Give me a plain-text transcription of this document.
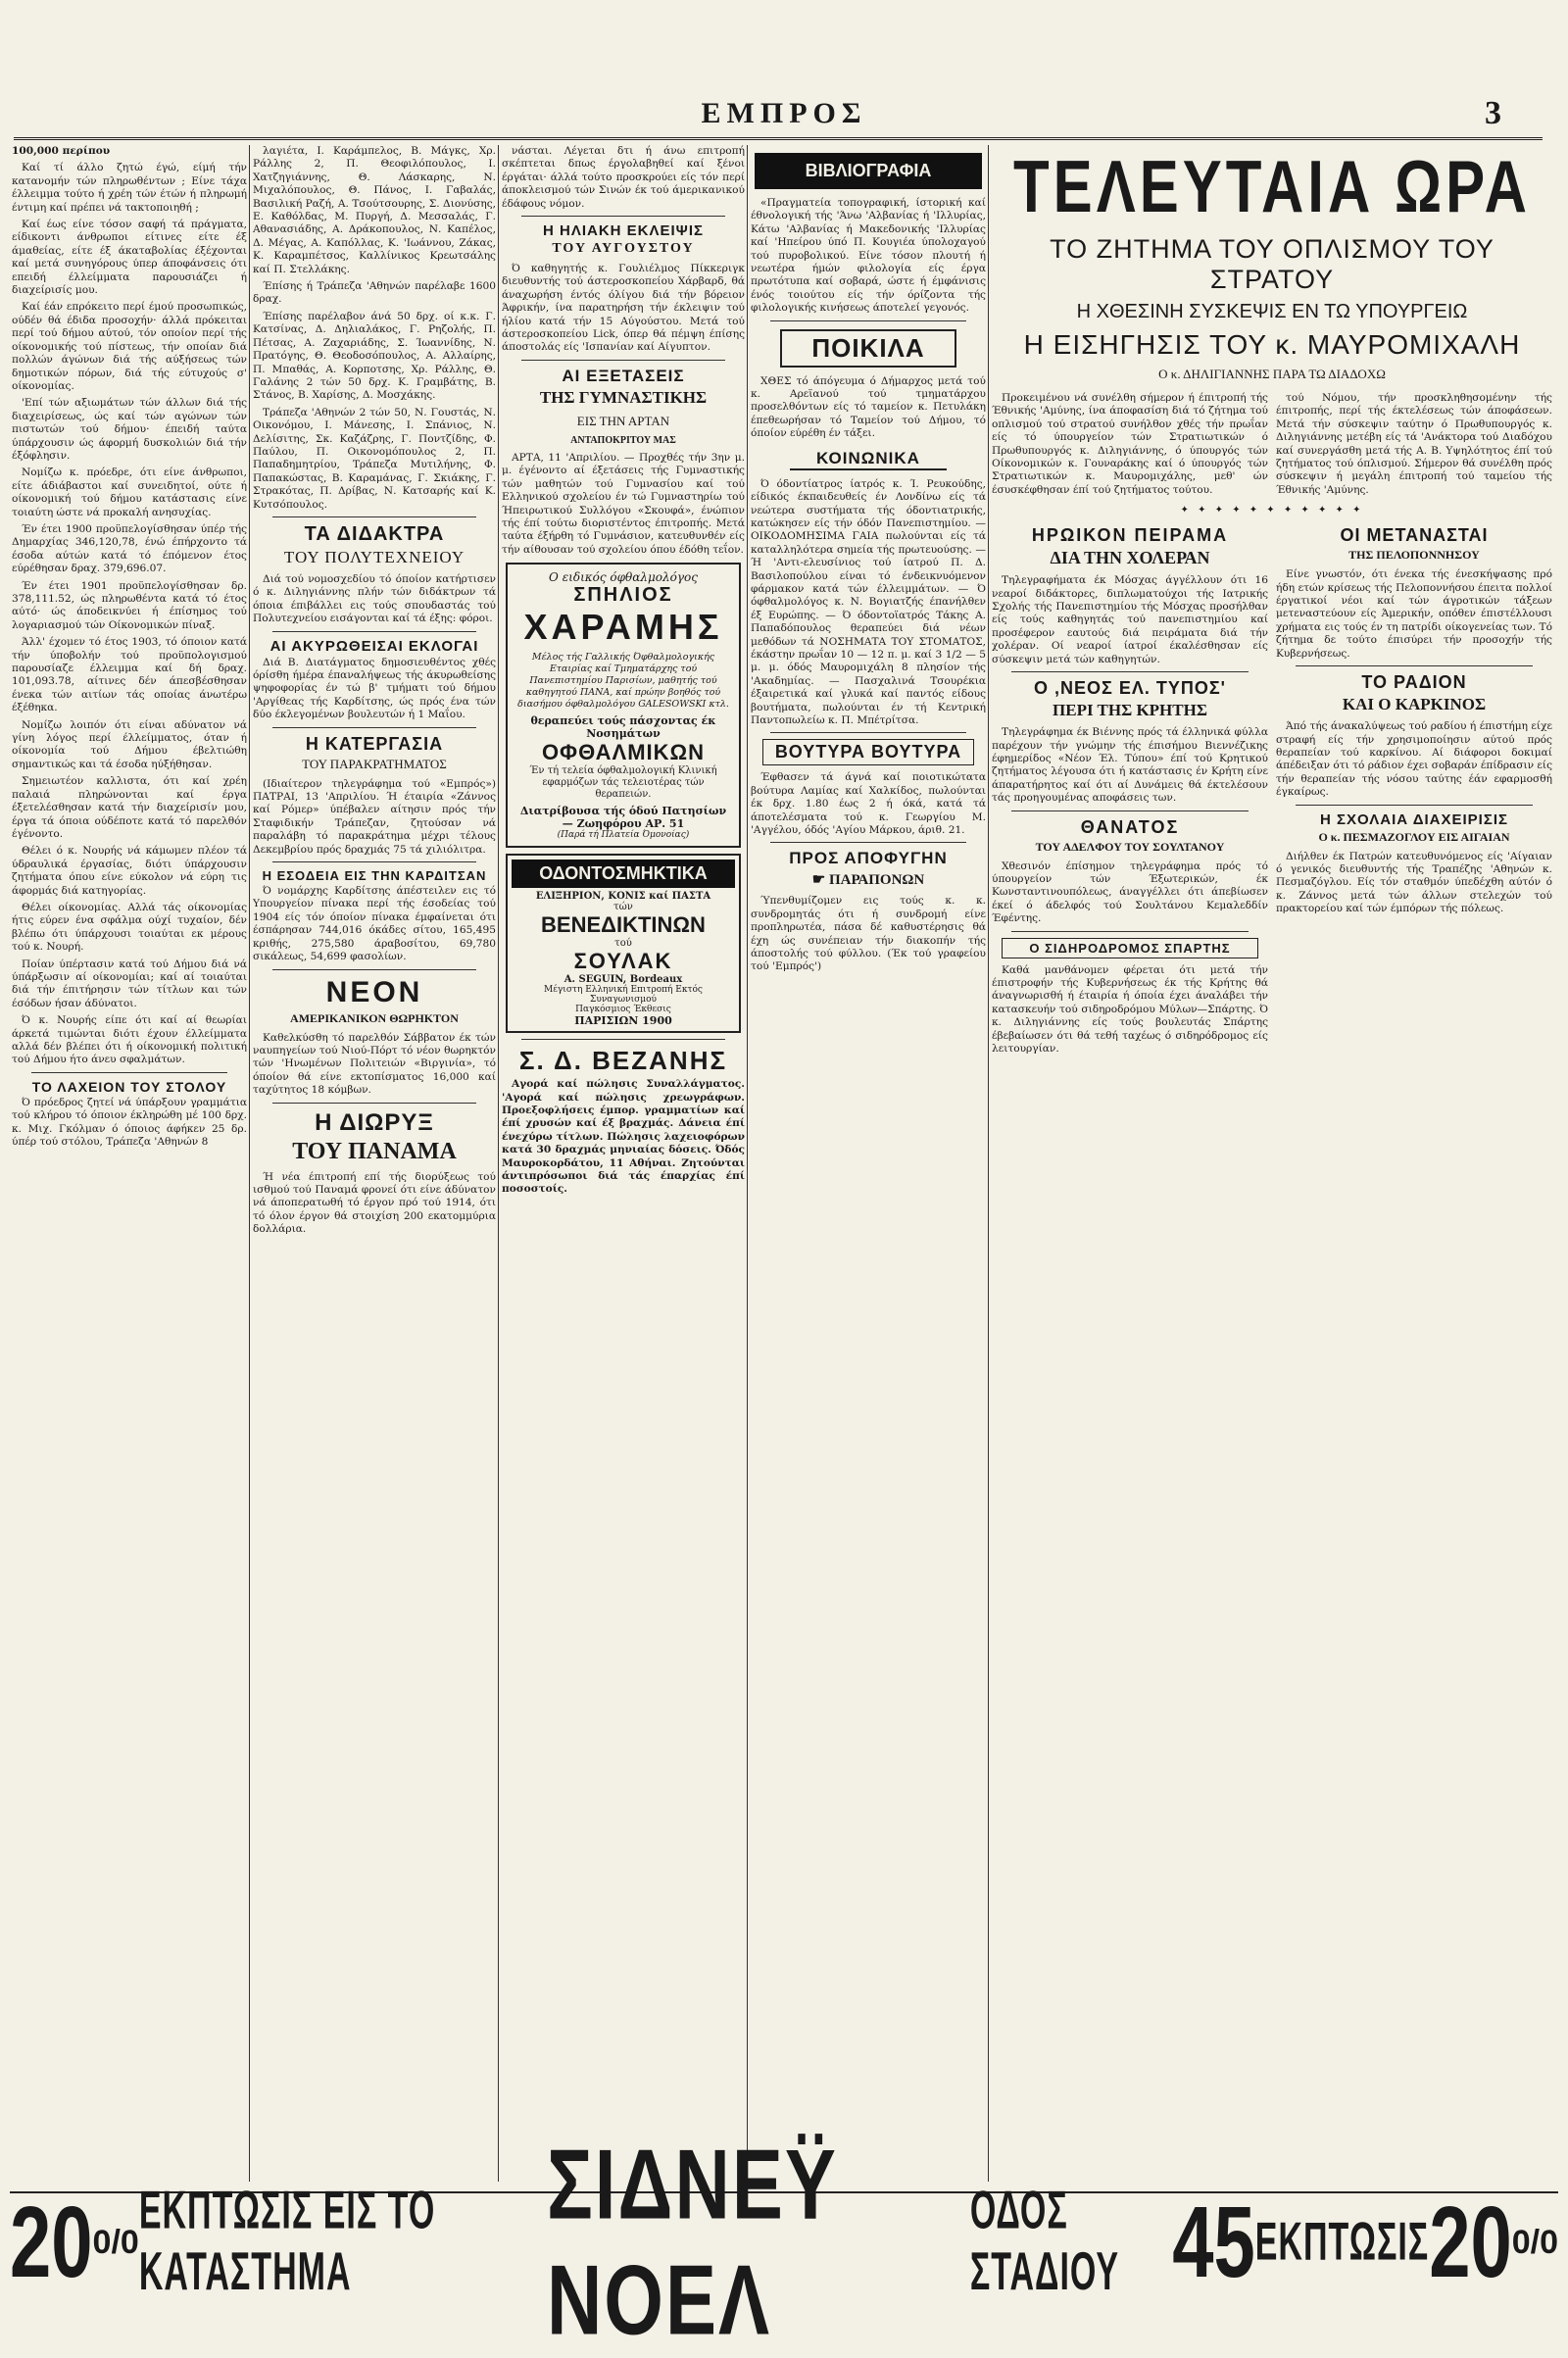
ΕΜΠΡΟΣ	3

100,000 περίπου

Καί τί άλλο ζητώ έγώ, είμή τήν κατανομήν τών πληρωθέντων ; Είνε τάχα έλλειμμα τούτο ή χρέη τών έτών ή πληρωμή έντιμη καί πρέπει νά τακτοποιηθή ;

Καί έως είνε τόσον σαφή τά πράγματα, είδικοντι άνθρωποι είτινες είτε έξ άμαθείας, είτε έξ άκαταβολίας έξέχονται καί μετά συνηγόρους ύπερ άποφάνσεις ότι επειδή έλλείμματα παρουσιάζει ή διαχείρισίς μου.

Καί έάν επρόκειτο περί έμού προσωπικώς, ούδέν θά έδιδα προσοχήν· άλλά πρόκειται περί τού δήμου αύτού, τόν οποίον περί τής οίκονομικής τού πίστεως, τήν οποίαν διά πολλών άγώνων διά τής αύξήσεως τών δημοτικών πόρων, διά τής εύτυχούς σ' οίκονομίας.

'Επί τών αξιωμάτων τών άλλων διά τής διαχειρίσεως, ώς καί τών αγώνων τών πιστωτών τού δήμου· έπειδή ταύτα ύπάρχουσιν ώς άφορμή δυσκολιών διά τήν έξόφλησιν.

Νομίζω κ. πρόεδρε, ότι είνε άνθρωποι, είτε άδιάβαστοι καί συνειδητοί, ούτε ή οίκονομική τού δήμου κατάστασις είνε τοιαύτη ώστε νά προκαλή ανησυχίας.

Έν έτει 1900 προϋπελογίσθησαν ύπέρ τής Δημαρχίας 346,120,78, ένώ έπήρχοντο τά έσοδα αύτών κατά τό έπόμενον έτος εύρέθησαν δραχ. 379,696.07.

Έν έτει 1901 προϋπελογίσθησαν δρ. 378,111.52, ώς πληρωθέντα κατά τό έτος αύτό· ώς άποδεικνύει ή έπίσημος τού λογαριασμού τών Οίκονομικών πίναξ.

Άλλ' έχομεν τό έτος 1903, τό όποιον κατά τήν ύποβολήν τού προϋπολογισμού παρουσίαζε έλλειμμα καί δή δραχ. 101,093.78, αίτινες δέν άπεσβέσθησαν ένεκα τών αιτίων τάς οποίας άνωτέρω έξέθηκα.

Νομίζω λοιπόν ότι είναι αδύνατον νά γίνη λόγος περί έλλείμματος, όταν ή οίκονομία τού Δήμου έβελτιώθη σημαντικώς και τά έσοδα ηύξήθησαν.

Σημειωτέον καλλιστα, ότι καί χρέη παλαιά πληρώνονται καί έργα έξετελέσθησαν κατά τήν διαχείρισίν μου, έργα τά όποια ούδέποτε κατά τό παρελθόν έγένοντο.

Θέλει ό κ. Νουρής νά κάμωμεν πλέον τά ύδραυλικά έργασίας, διότι ύπάρχουσιν ζητήματα όπου είνε εύκολον νά εύρη τις άφορμάς διά κατηγορίας.

Θέλει οίκονομίας. Αλλά τάς οίκονομίας ήτις εύρεν ένα σφάλμα ούχί τυχαίον, δέν βλέπω ότι ύπάρχουσι τοιαύται εκ μέρους τού κ. Νουρή.

Ποίαν ύπέρτασιν κατά τού Δήμου διά νά ύπάρξωσιν αί οίκονομίαι; καί αί τοιαύται διά τήν έπιτήρησιν τών τίτλων και τών έσόδων ήσαν άδύνατοι.

Ό κ. Νουρής είπε ότι καί αί θεωρίαι άρκετά τιμώνται διότι έχουν έλλείμματα αλλά δέν βλέπει ότι ή οίκονομική πολιτική τού Δήμου ήτο άνευ σφαλμάτων.

ΤΟ ΛΑΧΕΙΟΝ ΤΟΥ ΣΤΟΛΟΥ

Ό πρόεδρος ζητεί νά ύπάρξουν γραμμάτια τού κλήρου τό όποιον έκληρώθη μέ 100 δρχ. κ. Μιχ. Γκόλμαν ό όποιος άφήκεν 25 δρ. ύπέρ τού στόλου, Τράπεζα 'Αθηνών 8

λαγιέτα, Ι. Καράμπελος, Β. Μάγκς, Χρ. Ράλλης 2, Π. Θεοφιλόπουλος, Ι. Χατζηγιάννης, Θ. Λάσκαρης, Ν. Μιχαλόπουλος, Θ. Πάνος, Ι. Γαβαλάς, Βασιλική Ραζή, Α. Τσούτσουρης, Σ. Διονύσης, Ε. Καθόλδας, Μ. Πυργή, Δ. Μεσσαλάς, Γ. Αθανασιάδης, Α. Δράκοπουλος, Ν. Καπέλος, Δ. Μέγας, Α. Καπόλλας, Κ. 'Ιωάννου, Ζάκας, Κ. Καραμπέτσος, Καλλίνικος Κρεωτσάλης καί Π. Στελλάκης.

Έπίσης ή Τράπεζα 'Αθηνών παρέλαβε 1600 δραχ.

Έπίσης παρέλαβον άνά 50 δρχ. οί κ.κ. Γ. Κατσίνας, Δ. Δηλιαλάκος, Γ. Ρηζολής, Π. Πέτσας, Α. Ζαχαριάδης, Σ. Ίωαννίδης, Ν. Πρατόγης, Θ. Θεοδοσόπουλος, Α. Αλλαίρης, Π. Μπαθάς, Α. Κορποτσης, Χρ. Ράλλης, Θ. Γαλάνης 2 τών 50 δρχ. Κ. Γραμβάτης, Β. Στάνος, Β. Χαρίσης, Δ. Μοσχάκης.

Τράπεζα 'Αθηνών 2 τών 50, Ν. Γουστάς, Ν. Οικονόμου, Ι. Μάνεσης, Ι. Σπάνιος, Ν. Δελίσιτης, Σκ. Καζάζρης, Γ. Ποντζίδης, Φ. Παύλου, Π. Οικονομόπουλος 2, Π. Παπαδημητρίου, Τράπεζα Μυτιλήνης, Φ. Παπακώστας, Β. Καραμάνας, Γ. Σκιάκης, Γ. Στρακότας, Π. Δρίβας, Ν. Κατσαρής καί Κ. Κυτσόπουλος.

ΤΑ ΔΙΔΑΚΤΡΑ
ΤΟΥ ΠΟΛΥΤΕΧΝΕΙΟΥ

Διά τού νομοσχεδίου τό όποίον κατήρτισεν ό κ. Διληγιάννης πλήν τών διδάκτρων τά όποια έπιβάλλει εις τούς σπουδαστάς τού Πολυτεχνείου εισάγονται καί τά έξης: φόροι.

ΑΙ ΑΚΥΡΩΘΕΙΣΑΙ ΕΚΛΟΓΑΙ

Διά Β. Διατάγματος δημοσιευθέντος χθές όρίσθη ήμέρα έπαναλήψεως τής άκυρωθείσης ψηφοφορίας έν τώ β' τμήματι τού δήμου 'Αργίθεας τής Καρδίτσης, ώς πρός ένα τών δύο έκλεγομένων βουλευτών ή 1 Μαΐου.

Η ΚΑΤΕΡΓΑΣΙΑ
ΤΟΥ ΠΑΡΑΚΡΑΤΗΜΑΤΟΣ

(Ιδιαίτερον τηλεγράφημα τού «Εμπρός») ΠΑΤΡΑΙ, 13 'Απριλίου. Ή έταιρία «Ζάννος καί Ρόμερ» ύπέβαλεν αίτησιν πρός τήν Σταφιδικήν Τράπεζαν, ζητούσαν νά παραλάβη τό παρακράτημα μέχρι τέλους Δεκεμβρίου πρός δραχμάς 75 τά χιλιόλιτρα.

Η ΕΣΟΔΕΙΑ ΕΙΣ ΤΗΝ ΚΑΡΔΙΤΣΑΝ

Ό νομάρχης Καρδίτσης άπέστειλεν εις τό Υπουργείον πίνακα περί τής έσοδείας τού 1904 είς τόν όποίον πίνακα έμφαίνεται ότι έσπάρησαν 744,016 όκάδες σίτου, 165,495 κριθής, 275,580 άραβοσίτου, 69,780 σικάλεως, 54,699 φασολίων.

ΝΕΟΝ
ΑΜΕΡΙΚΑΝΙΚΟΝ ΘΩΡΗΚΤΟΝ

Καθελκύσθη τό παρελθόν Σάββατον έκ τών ναυπηγείων τού Νιού-Πόρτ τό νέον θωρηκτόν τών 'Ηνωμένων Πολιτειών «Βιργινία», τό όποίον θά είνε εκτοπίσματος 16,000 καί ταχύτητος 18 κόμβων.

Η ΔΙΩΡΥΞ
ΤΟΥ ΠΑΝΑΜΑ

Ή νέα έπιτροπή επί τής διορύξεως τού ισθμού τού Παναμά φρονεί ότι είνε άδύνατον νά άποπερατωθή τό έργον πρό τού 1914, ότι τό όλον έργον θά στοιχίση 200 εκατομμύρια δολλάρια.

νάσται. Λέγεται δτι ή άνω επιτροπή σκέπτεται δπως έργολαβηθεί καί ξένοι έργάται· άλλά τούτο προσκρούει είς τόν περί άποκλεισμού τών Σινών έκ τού άμερικανικού έδάφους νόμον.

Η ΗΛΙΑΚΗ ΕΚΛΕΙΨΙΣ
ΤΟΥ ΑΥΓΟΥΣΤΟΥ

Ό καθηγητής κ. Γουλιέλμος Πίκκεριγκ διευθυντής τού άστεροσκοπείου Χάρβαρδ, θά άναχωρήση έντός όλίγου διά τήν βόρειον Άφρικήν, ίνα παρατηρήση τήν έκλειψιν τού ήλίου κατά τήν 15 Αύγούστου. Μετά τού άστεροσκοπείου Lick, όπερ θά πέμψη έπίσης άποστολάς είς 'Ισπανίαν καί Αίγυπτον.

ΑΙ ΕΞΕΤΑΣΕΙΣ
ΤΗΣ ΓΥΜΝΑΣΤΙΚΗΣ
ΕΙΣ ΤΗΝ ΑΡΤΑΝ
ΑΝΤΑΠΟΚΡΙΤΟΥ ΜΑΣ

ΑΡΤΑ, 11 'Απριλίου. — Προχθές τήν 3ην μ. μ. έγένοντο αί έξετάσεις τής Γυμναστικής τών μαθητών τού Γυμνασίου καί τού Ελληνικού σχολείου έν τώ Γυμναστηρίω τού Ήπειρωτικού Συλλόγου «Σκουφά», ένώπιον τής έπί τούτω διοριστέντος έπιτροπής. Μετά ταύτα έξήρθη τό Γυμνάσιον, κατευθυνθέν είς τήν αίθουσαν τού σχολείου όπου έδόθη τεΐον.

Ο ειδικός όφθαλμολόγος
ΣΠΗΛΙΟΣ
ΧΑΡΑΜΗΣ
Μέλος τής Γαλλικής Όφθαλμολογικής Εταιρίας καί Τμηματάρχης τού Πανεπιστημίου Παρισίων, μαθητής τού καθηγητού ΠΑΝΑ, καί πρώην βοηθός τού διασήμου όφθαλμολόγου GALESOWSKI κτλ.
θεραπεύει τούς πάσχοντας έκ Νοσημάτων
ΟΦΘΑΛΜΙΚΩΝ
Έν τή τελεία όφθαλμολογική Κλινική εφαρμόζων τάς τελειοτέρας τών θεραπειών.
Διατρίβουσα τής όδού Πατησίων — Ζωηφόρου ΑΡ. 51
(Παρά τή Πλατεία Όμονοίας)
ΟΔΟΝΤΟΣΜΗΚΤΙΚΑ
ΕΛΙΞΗΡΙΟΝ, ΚΟΝΙΣ καί ΠΑΣΤΑ
τών
ΒΕΝΕΔΙΚΤΙΝΩΝ
τού
ΣΟΥΛΑΚ
A. SEGUIN, Bordeaux
Μέγιστη Ελληνική Επιτροπή Εκτός Συναγωνισμού
Παγκόσμιος Έκθεσις
ΠΑΡΙΣΙΩΝ 1900
Σ. Δ. ΒΕΖΑΝΗΣ

Αγορά καί πώλησις Συναλλάγματος. 'Αγορά καί πώλησις χρεωγράφων. Προεξοφλήσεις έμπορ. γραμματίων καί έπί χρυσών καί έξ βραχμάς. Δάνεια έπί ένεχύρω τίτλων. Πώλησις λαχειοφόρων κατά 30 δραχμάς μηνιαίας δόσεις. Όδός Μαυροκορδάτου, 11 Αθήναι. Ζητούνται άντιπρόσωποι διά τάς έπαρχίας έπί ποσοστοίς.

ΒΙΒΛΙΟΓΡΑΦΙΑ

«Πραγματεία τοπογραφική, ίστορική καί έθνολογική τής 'Άνω 'Αλβανίας ή 'Ιλλυρίας, Κάτω 'Αλβανίας ή Μακεδονικής 'Ιλλυρίας καί 'Ηπείρου ύπό Π. Κουγιέα ύπολοχαγού τού πυροβολικού. Είνε τόσον πλουτή ή νεωτέρα ήμών φιλολογία είς έργα πρωτότυπα καί σοβαρά, ώστε ή έμφάνισις ένός τοιούτου είς τήν όρίζοντα τής φιλολογικής κινήσεως άποτελεί γεγονός.

ΠΟΙΚΙΛΑ

ΧΘΕΣ τό άπόγευμα ό Δήμαρχος μετά τού κ. Αρεϊανού τού τμηματάρχου προσελθόντων είς τό ταμείον κ. Πετυλάκη έπεθεωρήσαν τό Ταμείον τού Δήμου, τό όποίον εύρέθη έν τάξει.

ΚΟΙΝΩΝΙΚΑ

Ό όδοντίατρος ίατρός κ. Ί. Ρευκούδης, είδικός έκπαιδευθείς έν Λονδίνω είς τά νεώτερα συστήματα τής όδοντιατρικής, κατώκησεν είς τήν όδόν Πανεπιστημίου. — ΟΙΚΟΔΟΜΗΣΙΜΑ ΓΑΙΑ πωλούνται είς τά καταλληλότερα σημεία τής πρωτευούσης. — Ή 'Αντι-ελευσίνιος τού ίατρού Π. Δ. Βασιλοπούλου είναι τό ένδεικνυόμενον φάρμακον κατά τών έλλειμμάτων. — Ό όφθαλμολόγος κ. Ν. Βογιατζής έπανήλθεν έξ Ευρώπης. — Ό όδοντοϊατρός Τάκης Α. Παπαδόπουλος θεραπεύει διά νέων μεθόδων τά ΝΟΣΗΜΑΤΑ ΤΟΥ ΣΤΟΜΑΤΟΣ, έκάστην πρωΐαν 10 — 12 π. μ. καί 3 1/2 — 5 μ. μ. όδός Μαυρομιχάλη 8 πλησίον τής 'Ακαδημίας. — Πασχαλινά Τσουρέκια έξαιρετικά καί γλυκά καί παντός είδους βουτήματα, πωλούνται έν τή Κεντρική Παντοπωλείω κ. Π. Μπέτρίτσα.

ΒΟΥΤΥΡΑ ΒΟΥΤΥΡΑ

Έφθασεν τά άγνά καί ποιοτικώτατα βούτυρα Λαμίας καί Χαλκίδος, πωλούνται έκ δρχ. 1.80 έως 2 ή όκά, κατά τά άποτελέσματα τού κ. Γεωργίου Μ. 'Αγγέλου, όδός 'Αγίου Μάρκου, άριθ. 21.

ΠΡΟΣ ΑΠΟΦΥΓΗΝ
☛ ΠΑΡΑΠΟΝΩΝ

Ύπενθυμίζομεν εις τούς κ. κ. συνδρομητάς ότι ή συνδρομή είνε προπληρωτέα, πάσα δέ καθυστέρησις θά έχη ώς συνέπειαν τήν διακοπήν τής άποστολής τού φύλλου. (Έκ τού γραφείου τού 'Εμπρός')

ΤΕΛΕΥΤΑΙΑ ΩΡΑ
ΤΟ ΖΗΤΗΜΑ ΤΟΥ ΟΠΛΙΣΜΟΥ ΤΟΥ ΣΤΡΑΤΟΥ
Η ΧΘΕΣΙΝΗ ΣΥΣΚΕΨΙΣ ΕΝ ΤΩ ΥΠΟΥΡΓΕΙΩ
Η ΕΙΣΗΓΗΣΙΣ ΤΟΥ κ. ΜΑΥΡΟΜΙΧΑΛΗ
Ο κ. ΔΗΛΙΓΙΑΝΝΗΣ ΠΑΡΑ ΤΩ ΔΙΑΔΟΧΩ

Προκειμένου νά συνέλθη σήμερον ή έπιτροπή τής Έθνικής 'Αμύνης, ίνα άποφασίση διά τό ζήτημα τού οπλισμού τού στρατού συνήλθον χθές τήν πρωΐαν είς τό ύπουργείον τών Στρατιωτικών ό Πρωθυπουργός κ. Διληγιάννης, ό ύπουργός τών Οίκονομικών κ. Γουναράκης καί ό ύπουργός τών Στρατιωτικών κ. Μαυρομιχάλης, μεθ' ών έσυσκέφθησαν έπί τού ζητήματος τούτου.

τού Νόμου, τήν προσκληθησομένην τής έπιτροπής, περί τής έκτελέσεως τών άποφάσεων. Μετά τήν σύσκεψιν ταύτην ό Πρωθυπουργός κ. Διληγιάννης μετέβη είς τά 'Ανάκτορα τού Διαδόχου καί συνεργάσθη μετά τής Α. Β. Υψηλότητος έπί τού ζητήματος τού όπλισμού. Σήμερον θά συνέλθη πρός σύσκεψιν ή μεγάλη έπιτροπή τού ταμείου τής Έθνικής 'Αμύνης.

✦ ✦ ✦ ✦ ✦ ✦ ✦ ✦ ✦ ✦ ✦
ΗΡΩΙΚΟΝ ΠΕΙΡΑΜΑ
ΔΙΑ ΤΗΝ ΧΟΛΕΡΑΝ

Τηλεγραφήματα έκ Μόσχας άγγέλλουν ότι 16 νεαροί διδάκτορες, διπλωματούχοι τής Ιατρικής Σχολής τής Πανεπιστημίου τής Μόσχας προσήλθαν είς τούς καθηγητάς τού πανεπιστημίου καί προσέφερον εαυτούς διά πειράματα διά τήν χολέραν. Οί νεαροί ίατροί έκαλέσθησαν είς σύσκεψιν μετά τών καθηγητών.

Ο ,ΝΕΟΣ ΕΛ. ΤΥΠΟΣ'
ΠΕΡΙ ΤΗΣ ΚΡΗΤΗΣ

Τηλεγράφημα έκ Βιέννης πρός τά έλληνικά φύλλα παρέχουν τήν γνώμην τής έπισήμου Βιεννέζικης έφημερίδος «Νέον Έλ. Τύπου» έπί τού Κρητικού ζητήματος λέγουσα ότι ή κατάστασις έν Κρήτη είνε άπαρατήρητος καί ότι αί Δυνάμεις θά έκτελέσουν τάς προηγουμένας αποφάσεις των.

ΘΑΝΑΤΟΣ
ΤΟΥ ΑΔΕΛΦΟΥ ΤΟΥ ΣΟΥΛΤΑΝΟΥ

Χθεσινόν έπίσημον τηλεγράφημα πρός τό ύπουργείον τών Έξωτερικών, έκ Κωνσταντινουπόλεως, άναγγέλλει ότι άπεβίωσεν έκεί ό άδελφός τού Σουλτάνου Κεμαλεδδίν Έφέντης.

Ο ΣΙΔΗΡΟΔΡΟΜΟΣ ΣΠΑΡΤΗΣ

Καθά μανθάνομεν φέρεται ότι μετά τήν έπιστροφήν τής Κυβερνήσεως έκ τής Κρήτης θά άναγνωρισθή ή έταιρία ή όποία έχει άναλάβει τήν κατασκευήν τού σιδηροδρόμου Μύλων—Σπάρτης. Ό κ. Διληγιάννης είς τούς βουλευτάς Σπάρτης έβεβαίωσεν ότι θά τεθή ταχέως ό σιδηρόδρομος είς λειτουργίαν.

ΟΙ ΜΕΤΑΝΑΣΤΑΙ
ΤΗΣ ΠΕΛΟΠΟΝΝΗΣΟΥ

Είνε γνωστόν, ότι ένεκα τής ένεσκήψασης πρό ήδη ετών κρίσεως τής Πελοποννήσου έπειτα πολλοί έργατικοί νέοι καί τών άγροτικών τάξεων μετεναστεύουν είς Άμερικήν, οπόθεν έπιστέλλουσι χρήματα εις τούς έν τη πατρίδι οίκογενείας των. Τό ζήτημα δε τούτο έπισύρει τήν προσοχήν τής Κυβερνήσεως.

ΤΟ ΡΑΔΙΟΝ
ΚΑΙ Ο ΚΑΡΚΙΝΟΣ

Άπό τής άνακαλύψεως τού ραδίου ή έπιστήμη είχε στραφή είς τήν χρησιμοποίησιν αύτού πρός θεραπείαν τού καρκίνου. Αί διάφοροι δοκιμαί άπέδειξαν ότι τό ράδιον έχει σοβαράν έπίδρασιν είς τήν θεραπείαν τής νόσου ταύτης έάν εφαρμοσθή έγκαίρως.

Η ΣΧΟΛΑΙΑ ΔΙΑΧΕΙΡΙΣΙΣ
Ο κ. ΠΕΣΜΑΖΟΓΛΟΥ ΕΙΣ ΑΙΓΑΙΑΝ

Διήλθεν έκ Πατρών κατευθυνόμενος είς 'Αίγαιαν ό γενικός διευθυντής τής Τραπέζης 'Αθηνών κ. Πεσμαζόγλου. Είς τόν σταθμόν ύπεδέχθη αύτόν ό κ. Ζάννος μετά τών άλλων στελεχών τού πρακτορείου καί τών έμπόρων τής πόλεως.

20 0/0
ΕΚΠΤΩΣΙΣ ΕΙΣ ΤΟ ΚΑΤΑΣΤΗΜΑ
ΣΙΔΝΕΫ ΝΟΕΛ
ΟΔΟΣ ΣΤΑΔΙΟΥ 45 ΕΚΠΤΩΣΙΣ 20 0/0
